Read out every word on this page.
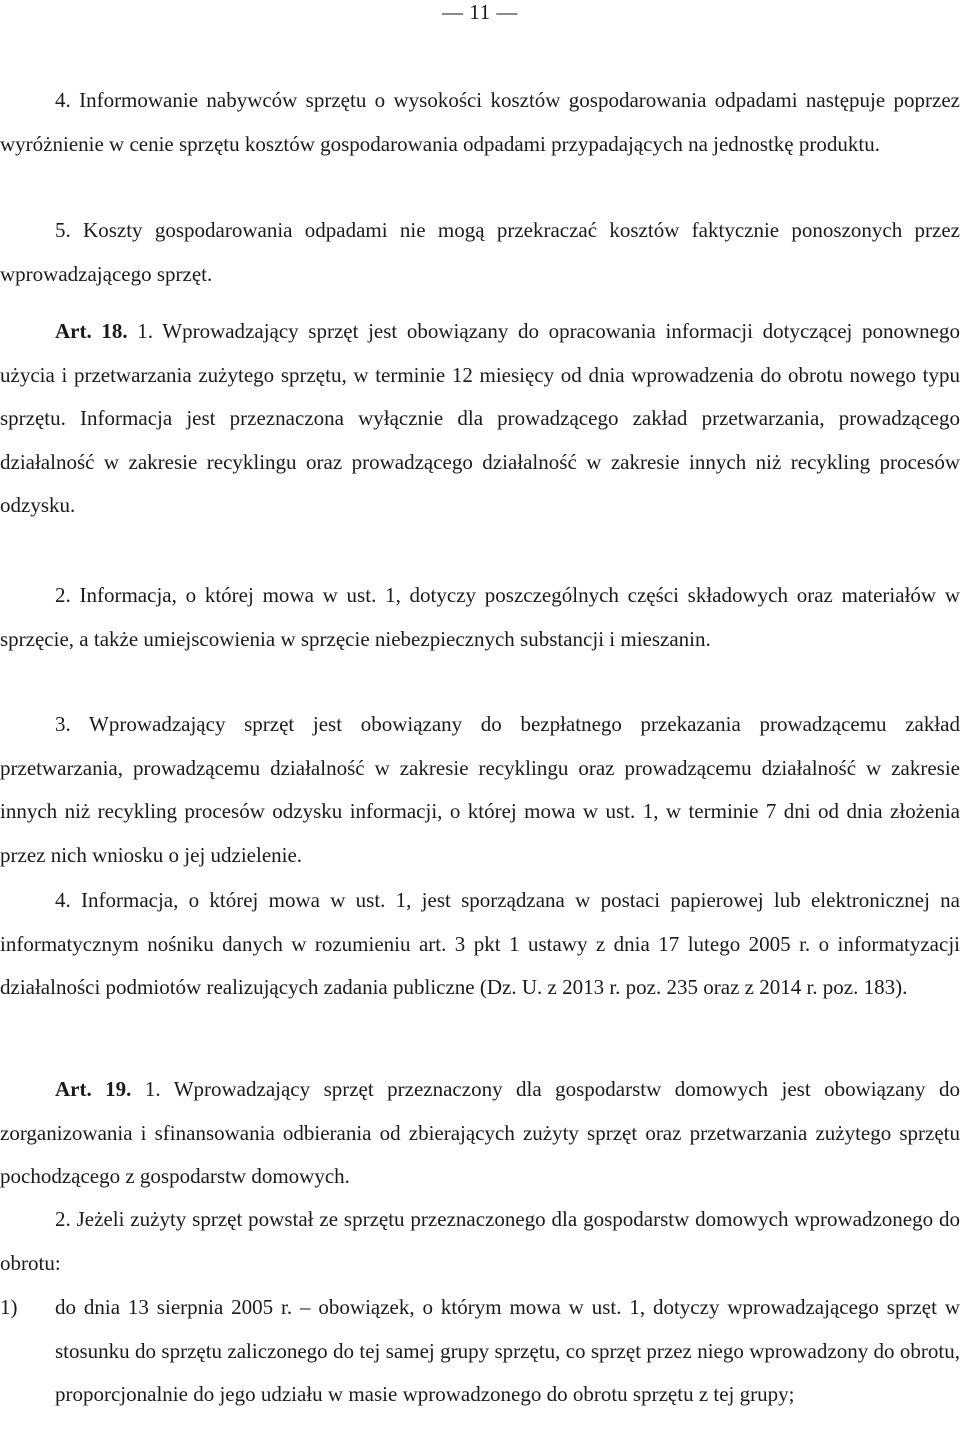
— 11 —

4. Informowanie nabywców sprzętu o wysokości kosztów gospodarowania odpadami następuje poprzez wyróżnienie w cenie sprzętu kosztów gospodarowania odpadami przypadających na jednostkę produktu.

5. Koszty gospodarowania odpadami nie mogą przekraczać kosztów faktycznie ponoszonych przez wprowadzającego sprzęt.

Art. 18. 1. Wprowadzający sprzęt jest obowiązany do opracowania informacji dotyczącej ponownego użycia i przetwarzania zużytego sprzętu, w terminie 12 miesięcy od dnia wprowadzenia do obrotu nowego typu sprzętu. Informacja jest przeznaczona wyłącznie dla prowadzącego zakład przetwarzania, prowadzącego działalność w zakresie recyklingu oraz prowadzącego działalność w zakresie innych niż recykling procesów odzysku.

2. Informacja, o której mowa w ust. 1, dotyczy poszczególnych części składowych oraz materiałów w sprzęcie, a także umiejscowienia w sprzęcie niebezpiecznych substancji i mieszanin.

3. Wprowadzający sprzęt jest obowiązany do bezpłatnego przekazania prowadzącemu zakład przetwarzania, prowadzącemu działalność w zakresie recyklingu oraz prowadzącemu działalność w zakresie innych niż recykling procesów odzysku informacji, o której mowa w ust. 1, w terminie 7 dni od dnia złożenia przez nich wniosku o jej udzielenie.

4. Informacja, o której mowa w ust. 1, jest sporządzana w postaci papierowej lub elektronicznej na informatycznym nośniku danych w rozumieniu art. 3 pkt 1 ustawy z dnia 17 lutego 2005 r. o informatyzacji działalności podmiotów realizujących zadania publiczne (Dz. U. z 2013 r. poz. 235 oraz z 2014 r. poz. 183).

Art. 19. 1. Wprowadzający sprzęt przeznaczony dla gospodarstw domowych jest obowiązany do zorganizowania i sfinansowania odbierania od zbierających zużyty sprzęt oraz przetwarzania zużytego sprzętu pochodzącego z gospodarstw domowych.

2. Jeżeli zużyty sprzęt powstał ze sprzętu przeznaczonego dla gospodarstw domowych wprowadzonego do obrotu:

1) do dnia 13 sierpnia 2005 r. – obowiązek, o którym mowa w ust. 1, dotyczy wprowadzającego sprzęt w stosunku do sprzętu zaliczonego do tej samej grupy sprzętu, co sprzęt przez niego wprowadzony do obrotu, proporcjonalnie do jego udziału w masie wprowadzonego do obrotu sprzętu z tej grupy;
